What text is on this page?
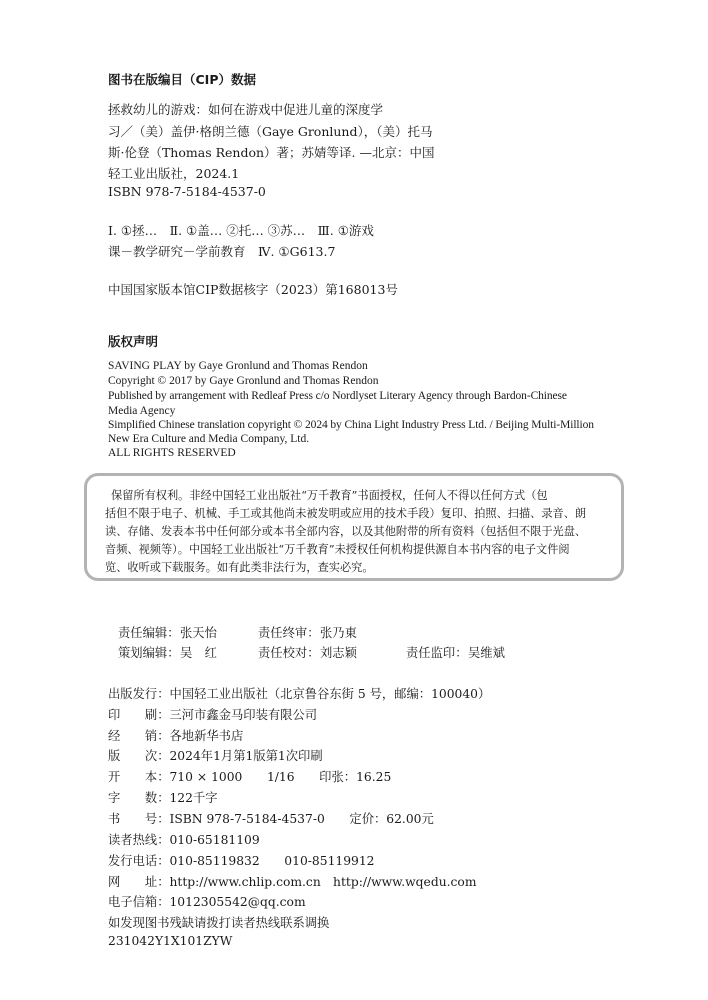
图书在版编目（CIP）数据
拯救幼儿的游戏：如何在游戏中促进儿童的深度学
习／（美）盖伊·格朗兰德（Gaye Gronlund），（美）托马
斯·伦登（Thomas Rendon）著；苏婧等译. —北京：中国
轻工业出版社，2024.1
ISBN 978-7-5184-4537-0
Ⅰ. ①拯…　Ⅱ. ①盖… ②托… ③苏…　Ⅲ. ①游戏
课－教学研究－学前教育　Ⅳ. ①G613.7
中国国家版本馆CIP数据核字（2023）第168013号
版权声明
SAVING PLAY by Gaye Gronlund and Thomas Rendon
Copyright © 2017 by Gaye Gronlund and Thomas Rendon
Published by arrangement with Redleaf Press c/o Nordlyset Literary Agency through Bardon-Chinese
Media Agency
Simplified Chinese translation copyright © 2024 by China Light Industry Press Ltd. / Beijing Multi-Million
New Era Culture and Media Company, Ltd.
ALL RIGHTS RESERVED
保留所有权利。非经中国轻工业出版社“万千教育”书面授权，任何人不得以任何方式（包
括但不限于电子、机械、手工或其他尚未被发明或应用的技术手段）复印、拍照、扫描、录音、朗
读、存储、发表本书中任何部分或本书全部内容，以及其他附带的所有资料（包括但不限于光盘、
音频、视频等）。中国轻工业出版社“万千教育”未授权任何机构提供源自本书内容的电子文件阅
览、收听或下载服务。如有此类非法行为，查实必究。
责任编辑： 张天怡	责任终审： 张乃東
策划编辑： 吴　红	责任校对： 刘志颖	责任监印： 吴维斌
出版发行：中国轻工业出版社（北京鲁谷东街 5 号，邮编：100040）
印　　刷：三河市鑫金马印装有限公司
经　　销：各地新华书店
版　　次：2024年1月第1版第1次印刷
开　　本：710 × 1000　　1/16　　印张：16.25
字　　数：122千字
书　　号：ISBN 978-7-5184-4537-0　　定价：62.00元
读者热线：010-65181109
发行电话：010-85119832　　010-85119912
网　　址：http://www.chlip.com.cn　http://www.wqedu.com
电子信箱：1012305542@qq.com
如发现图书残缺请拨打读者热线联系调换
231042Y1X101ZYW
